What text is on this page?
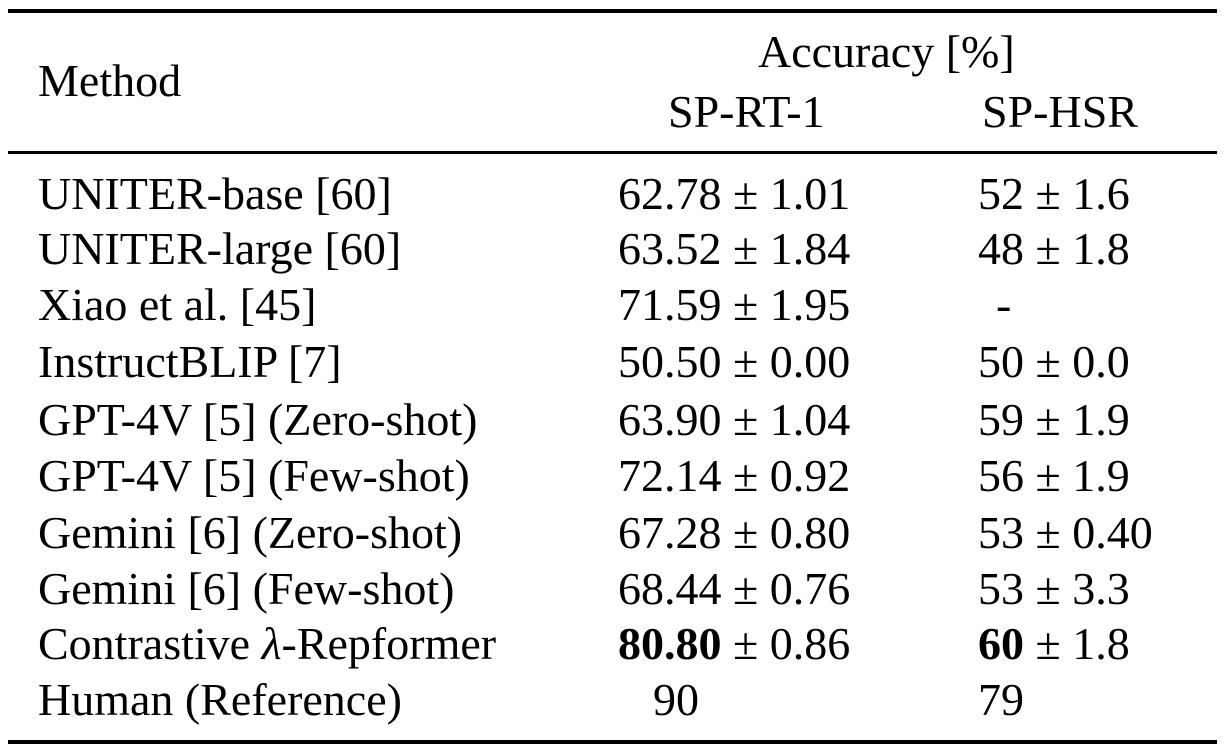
Method
Accuracy [%]
SP-RT-1	SP-HSR
UNITER-base [60]	62.78 ± 1.01	52 ± 1.6
UNITER-large [60]	63.52 ± 1.84	48 ± 1.8
Xiao et al. [45]	71.59 ± 1.95	-
InstructBLIP [7]	50.50 ± 0.00	50 ± 0.0
GPT-4V [5] (Zero-shot)	63.90 ± 1.04	59 ± 1.9
GPT-4V [5] (Few-shot)	72.14 ± 0.92	56 ± 1.9
Gemini [6] (Zero-shot)	67.28 ± 0.80	53 ± 0.40
Gemini [6] (Few-shot)	68.44 ± 0.76	53 ± 3.3
Contrastive λ-Repformer	80.80 ± 0.86	60 ± 1.8
Human (Reference)	90	79
